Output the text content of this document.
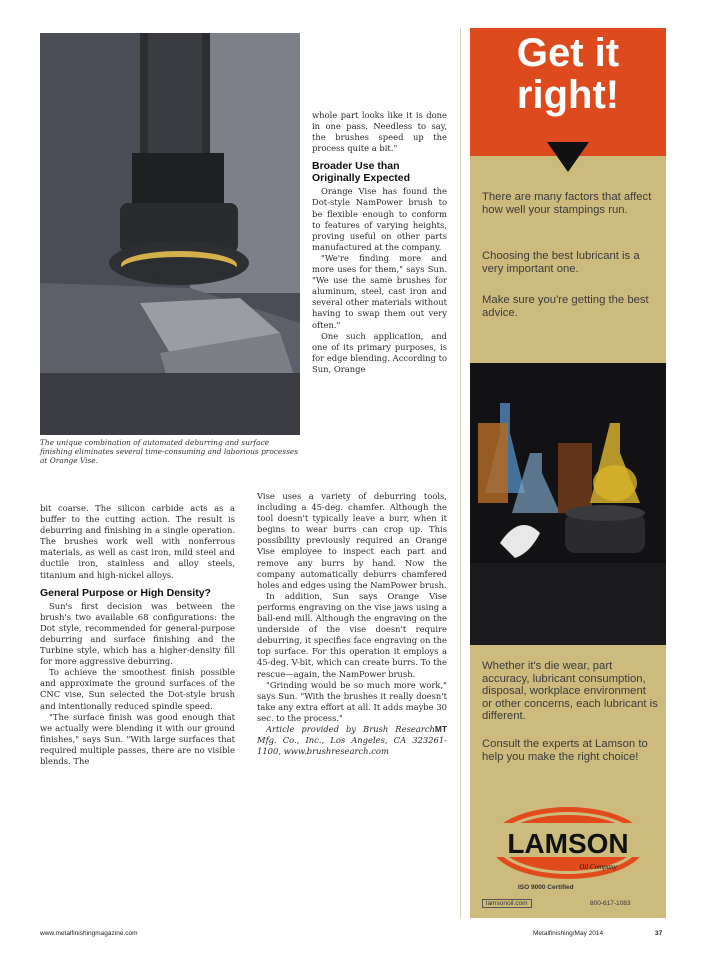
The unique combination of automated deburring and surface finishing eliminates several time-consuming and laborious processes at Orange Vise.

bit coarse. The silicon carbide acts as a buffer to the cutting action. The result is deburring and finishing in a single operation. The brushes work well with nonferrous materials, as well as cast iron, mild steel and ductile iron, stainless and alloy steels, titanium and high-nickel alloys.

General Purpose or High Density?

Sun's first decision was between the brush's two available 68 configurations: the Dot style, recommended for general-purpose deburring and surface finishing and the Turbine style, which has a higher-density fill for more aggressive deburring.

To achieve the smoothest finish possible and approximate the ground surfaces of the CNC vise, Sun selected the Dot-style brush and intentionally reduced spindle speed.

"The surface finish was good enough that we actually were blending it with our ground finishes," says Sun. "With large surfaces that required multiple passes, there are no visible blends. The

whole part looks like it is done in one pass. Needless to say, the brushes speed up the process quite a bit."

Broader Use than Originally Expected

Orange Vise has found the Dot-style NamPower brush to be flexible enough to conform to features of varying heights, proving useful on other parts manufactured at the company.

"We're finding more and more uses for them," says Sun. "We use the same brushes for aluminum, steel, cast iron and several other materials without having to swap them out very often."

One such application, and one of its primary purposes, is for edge blending. According to Sun, Orange

Vise uses a variety of deburring tools, including a 45-deg. chamfer. Although the tool doesn't typically leave a burr, when it begins to wear burrs can crop up. This possibility previously required an Orange Vise employee to inspect each part and remove any burrs by hand. Now the company automatically deburrs chamfered holes and edges using the NamPower brush.

In addition, Sun says Orange Vise performs engraving on the vise jaws using a ball-end mill. Although the engraving on the underside of the vise doesn't require deburring, it specifies face engraving on the top surface. For this operation it employs a 45-deg. V-bit, which can create burrs. To the rescue—again, the NamPower brush.

"Grinding would be so much more work," says Sun. "With the brushes it really doesn't take any extra effort at all. It adds maybe 30 sec. to the process."

MT

Article provided by Brush Research Mfg. Co., Inc., Los Angeles, CA 323261-1100, www.brushresearch.com

Get it
right!
There are many factors that affect how well your stampings run.
Choosing the best lubricant is a very important one.
Make sure you're getting the best advice.
Whether it's die wear, part accuracy, lubricant consumption, disposal, workplace environment or other concerns, each lubricant is different.
Consult the experts at Lamson to help you make the right choice!
LAMSON
Oil Company
ISO 9000 Certified
lamsonoil.com	800-617-1083
www.metalfinishingmagazine.com	Metalfinishing/May 2014	37
